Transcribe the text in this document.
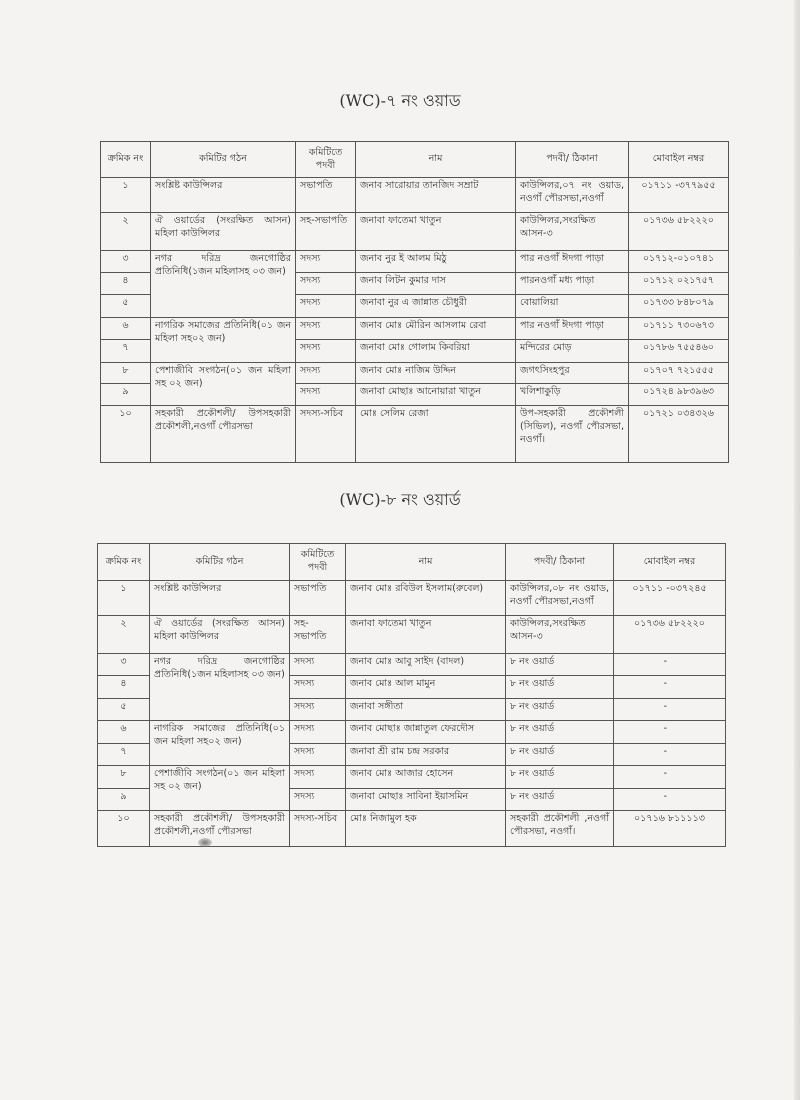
(WC)-৭ নং ওয়াড
ক্রমিক নং	কমিটির গঠন	কমিটিতে পদবী	নাম	পদবী/ ঠিকানা	মোবাইল নম্বর
১	সংশ্লিষ্ট কাউন্সিলর	সভাপতি	জনাব সারোয়ার তানজিদ সম্রাট	কাউন্সিলর,০৭ নং ওয়াড, নওগাঁ পৌরসভা,নওগাঁ	০১৭১১ -৩৭৭৯৫৫
২	ঐ ওয়ার্ডের (সংরক্ষিত আসন) মহিলা কাউন্সিলর	সহ-সভাপতি	জনাবা ফাতেমা খাতুন	কাউন্সিলর,সংরক্ষিত আসন-৩	০১৭৩৬ ৫৮২২২০
৩	নগর দরিদ্র জনগোষ্ঠির প্রতিনিধি(১জন মহিলাসহ ০৩ জন)	সদস্য	জনাব নুর ই আলম মিঠু	পার নওগাঁ ঈদগা পাড়া	০১৭১২-০১০৭৪১
৪		সদস্য	জনাব লিটন কুমার দাস	পারনওগাঁ মধ্য পাড়া	০১৭১২ ০২১৭৫৭
৫		সদস্য	জনাবা নুর এ জান্নাত চৌধুরী	বোয়ালিয়া	০১৭৩৩ ৮৪৮০৭৯
৬	নাগরিক সমাজের প্রতিনিধি(০১ জন মহিলা সহ০২ জন)	সদস্য	জনাব মোঃ মৌরিন আসলাম রেবা	পার নওগাঁ ঈদগা পাড়া	০১৭১১ ৭৩০৬৭৩
৭		সদস্য	জনাবা মোঃ গোলাম কিবরিয়া	মন্দিরের মোড়	০১৭৮৬ ৭৫৫৪৬০
৮	পেশাজীবি সংগঠন(০১ জন মহিলা সহ ০২ জন)	সদস্য	জনাব মোঃ নাজিম উদ্দিন	জগৎসিংহপুর	০১৭০৭ ৭২১৫৫৫
৯		সদস্য	জনাবা মোছাঃ আনোয়ারা খাতুন	খলিশাকুড়ি	০১৭২৪ ৯৮৩৯৬৩
১০	সহকারী প্রকৌশলী/ উপসহকারী প্রকৌশলী,নওগাঁ পৌরসভা	সদস্য-সচিব	মোঃ সেলিম রেজা	উপ-সহকারী প্রকৌশলী (সিভিল), নওগাঁ পৌরসভা, নওগাঁ।	০১৭২১ ০৩৪৩২৬
(WC)-৮ নং ওয়ার্ড
ক্রমিক নং	কমিটির গঠন	কমিটিতে পদবী	নাম	পদবী/ ঠিকানা	মোবাইল নম্বর
১	সংশ্লিষ্ট কাউন্সিলর	সভাপতি	জনাব মোঃ রবিউল ইসলাম(রুবেল)	কাউন্সিলর,০৮ নং ওয়াড, নওগাঁ পৌরসভা,নওগাঁ	০১৭১১ -০৩৭২৪৫
২	ঐ ওয়ার্ডের (সংরক্ষিত আসন) মহিলা কাউন্সিলর	সহ-সভাপতি	জনাবা ফাতেমা খাতুন	কাউন্সিলর,সংরক্ষিত আসন-৩	০১৭৩৬ ৫৮২২২০
৩	নগর দরিদ্র জনগোষ্ঠির প্রতিনিধি(১জন মহিলাসহ ০৩ জন)	সদস্য	জনাব মোঃ আবু সাইদ (বাদল)	৮ নং ওয়ার্ড	-
৪		সদস্য	জনাব মোঃ আল মামুন	৮ নং ওয়ার্ড	-
৫		সদস্য	জনাবা সঙ্গীতা	৮ নং ওয়ার্ড	-
৬	নাগরিক সমাজের প্রতিনিধি(০১ জন মহিলা সহ০২ জন)	সদস্য	জনাব মোছাঃ জান্নাতুল ফেরদৌস	৮ নং ওয়ার্ড	-
৭		সদস্য	জনাবা শ্রী রাম চন্দ্র সরকার	৮ নং ওয়ার্ড	-
৮	পেশাজীবি সংগঠন(০১ জন মহিলা সহ ০২ জন)	সদস্য	জনাব মোঃ আজার হোসেন	৮ নং ওয়ার্ড	-
৯		সদস্য	জনাবা মোছাঃ সাবিনা ইয়াসমিন	৮ নং ওয়ার্ড	-
১০	সহকারী প্রকৌশলী/ উপসহকারী প্রকৌশলী,নওগাঁ পৌরসভা	সদস্য-সচিব	মোঃ নিজামুল হক	সহকারী প্রকৌশলী ,নওগাঁ পৌরসভা, নওগাঁ।	০১৭১৬ ৮১১১১৩
